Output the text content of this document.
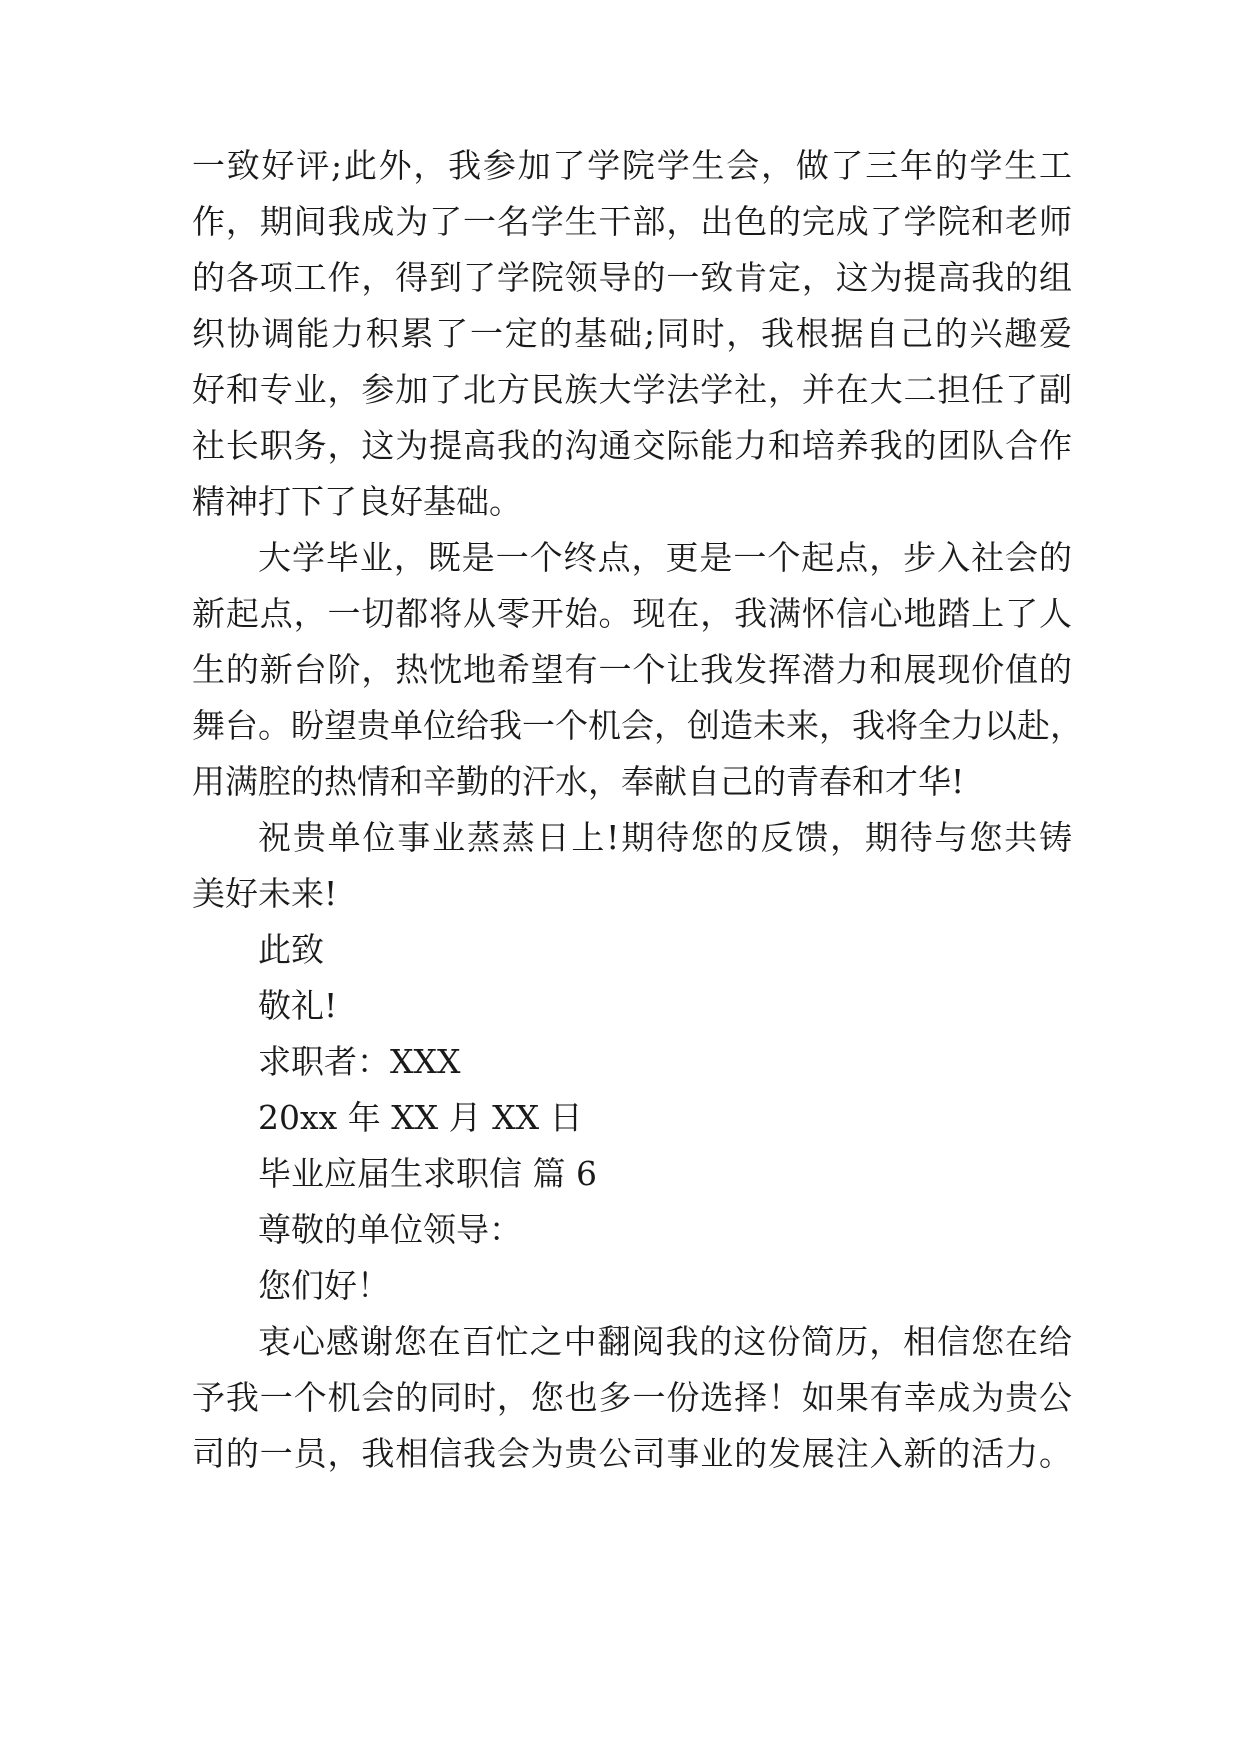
一致好评;此外，我参加了学院学生会，做了三年的学生工
作，期间我成为了一名学生干部，出色的完成了学院和老师
的各项工作，得到了学院领导的一致肯定，这为提高我的组
织协调能力积累了一定的基础;同时，我根据自己的兴趣爱
好和专业，参加了北方民族大学法学社，并在大二担任了副
社长职务，这为提高我的沟通交际能力和培养我的团队合作
精神打下了良好基础。
大学毕业，既是一个终点，更是一个起点，步入社会的
新起点，一切都将从零开始。现在，我满怀信心地踏上了人
生的新台阶，热忱地希望有一个让我发挥潜力和展现价值的
舞台。盼望贵单位给我一个机会，创造未来，我将全力以赴，
用满腔的热情和辛勤的汗水，奉献自己的青春和才华!
祝贵单位事业蒸蒸日上!期待您的反馈，期待与您共铸
美好未来!
此致
敬礼!
求职者：XXX
20xx 年 XX 月 XX 日
毕业应届生求职信 篇 6
尊敬的单位领导：
您们好！
衷心感谢您在百忙之中翻阅我的这份简历，相信您在给
予我一个机会的同时，您也多一份选择！如果有幸成为贵公
司的一员，我相信我会为贵公司事业的发展注入新的活力。
